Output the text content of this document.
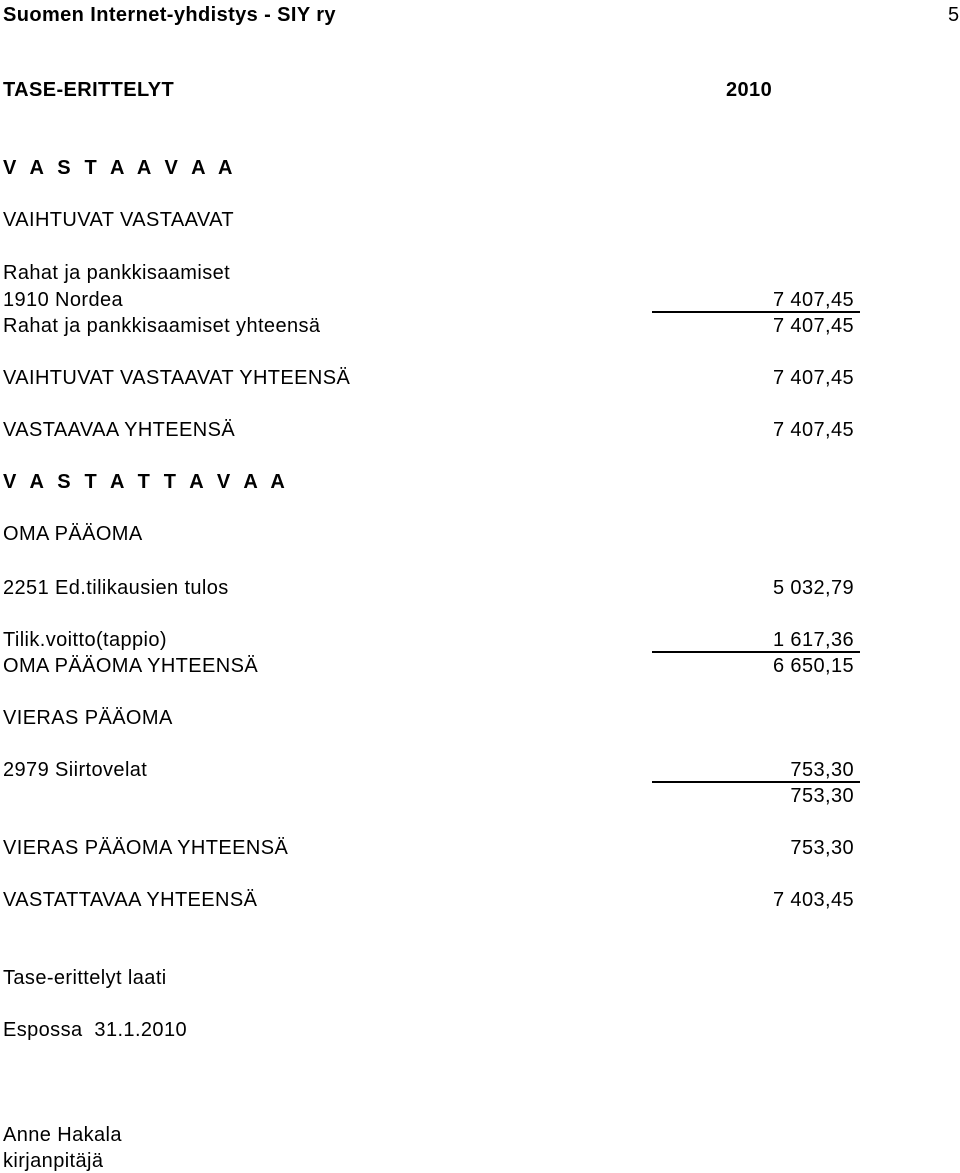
Suomen Internet-yhdistys - SIY ry	5
TASE-ERITTELYT	2010
V A S T A A V A A
VAIHTUVAT VASTAAVAT
Rahat ja pankkisaamiset
1910 Nordea	7 407,45
Rahat ja pankkisaamiset yhteensä	7 407,45
VAIHTUVAT VASTAAVAT YHTEENSÄ	7 407,45
VASTAAVAA YHTEENSÄ	7 407,45
V A S T A T T A V A A
OMA PÄÄOMA
2251 Ed.tilikausien tulos	5 032,79
Tilik.voitto(tappio)	1 617,36
OMA PÄÄOMA YHTEENSÄ	6 650,15
VIERAS PÄÄOMA
2979 Siirtovelat	753,30
753,30
VIERAS PÄÄOMA YHTEENSÄ	753,30
VASTATTAVAA YHTEENSÄ	7 403,45
Tase-erittelyt laati
Espossa  31.1.2010
Anne Hakala
kirjanpitäjä
